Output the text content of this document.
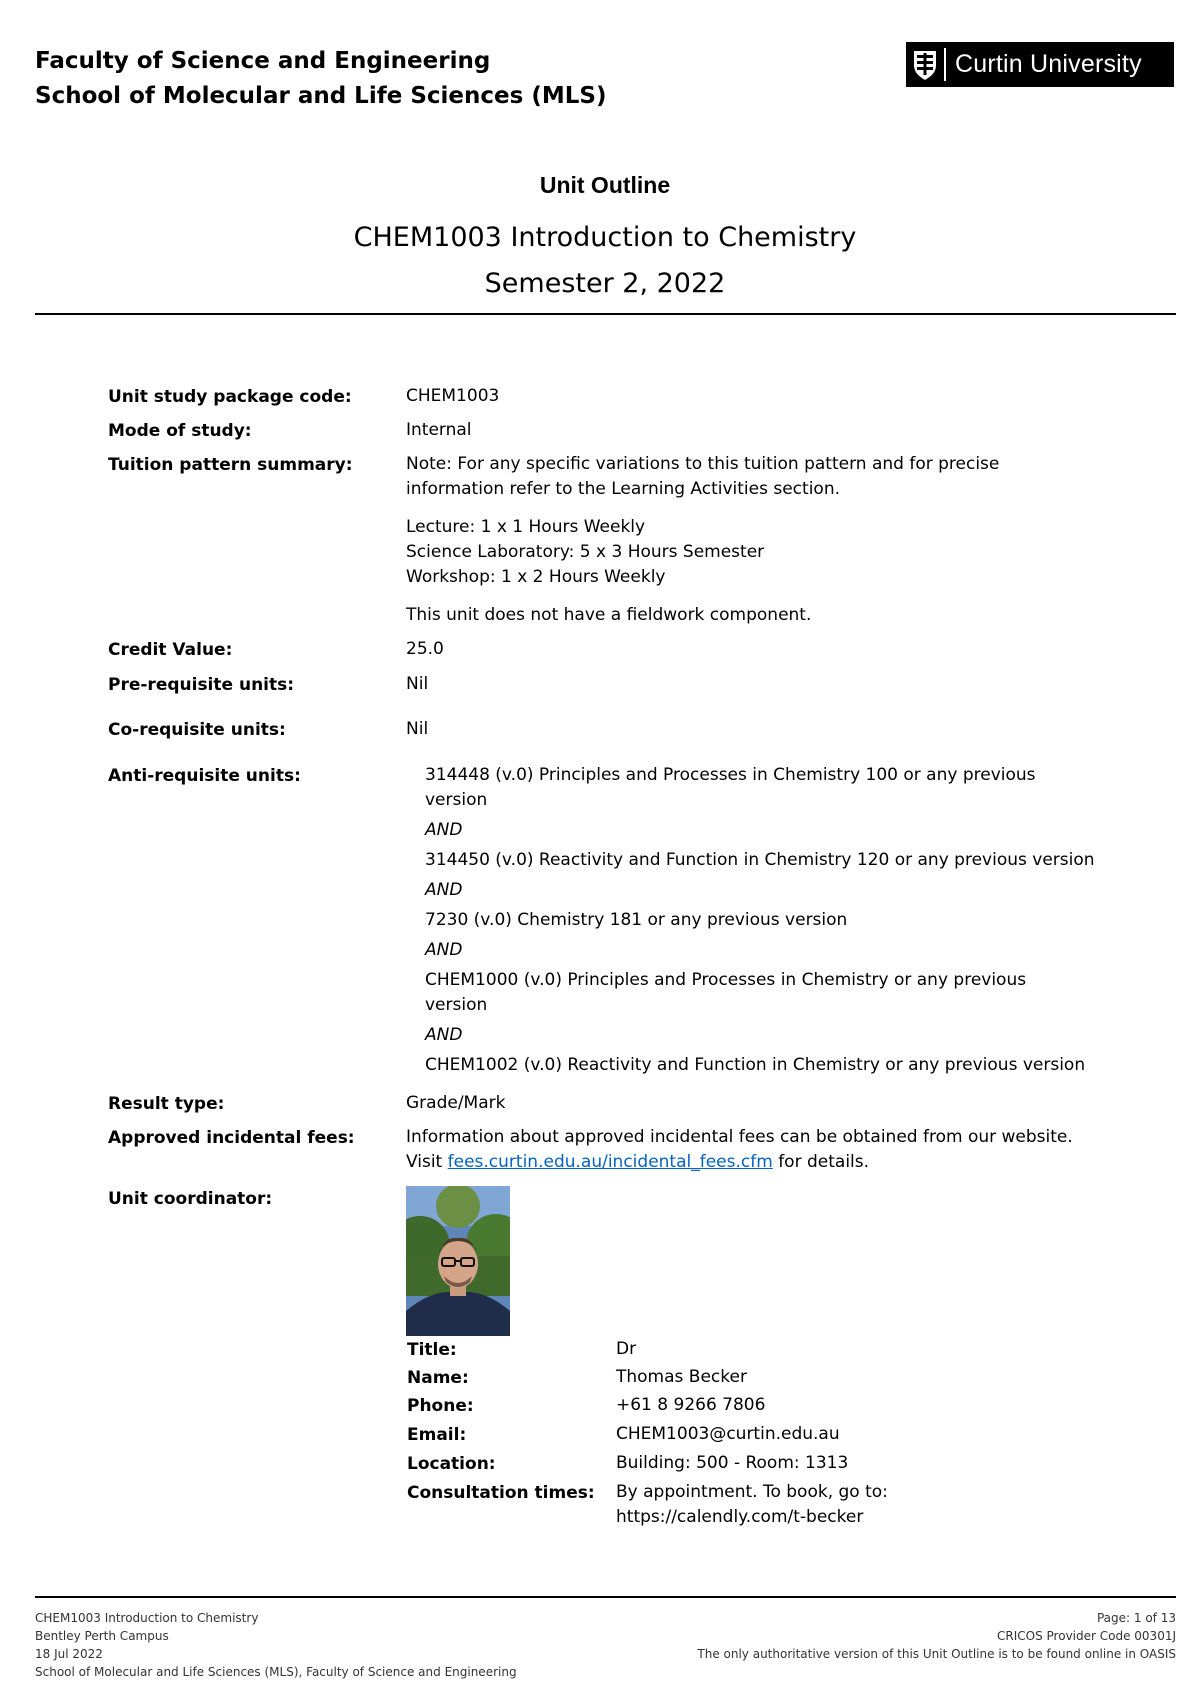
Faculty of Science and Engineering
School of Molecular and Life Sciences (MLS)
Curtin University
Unit Outline
CHEM1003 Introduction to Chemistry
Semester 2, 2022
Unit study package code:	CHEM1003
Mode of study:	Internal
Tuition pattern summary:	Note: For any specific variations to this tuition pattern and for precise
information refer to the Learning Activities section.
Lecture: 1 x 1 Hours Weekly
Science Laboratory: 5 x 3 Hours Semester
Workshop: 1 x 2 Hours Weekly
This unit does not have a fieldwork component.
Credit Value:	25.0
Pre-requisite units:	Nil
Co-requisite units:	Nil
Anti-requisite units:	314448 (v.0) Principles and Processes in Chemistry 100 or any previous
version
AND
314450 (v.0) Reactivity and Function in Chemistry 120 or any previous version
AND
7230 (v.0) Chemistry 181 or any previous version
AND
CHEM1000 (v.0) Principles and Processes in Chemistry or any previous
version
AND
CHEM1002 (v.0) Reactivity and Function in Chemistry or any previous version
Result type:	Grade/Mark
Approved incidental fees:	Information about approved incidental fees can be obtained from our website.
Visit fees.curtin.edu.au/incidental_fees.cfm for details.
Unit coordinator:
Title:	Dr
Name:	Thomas Becker
Phone:	+61 8 9266 7806
Email:	CHEM1003@curtin.edu.au
Location:	Building: 500 - Room: 1313
Consultation times: By appointment. To book, go to:
https://calendly.com/t-becker
CHEM1003 Introduction to Chemistry
Bentley Perth Campus
18 Jul 2022
School of Molecular and Life Sciences (MLS), Faculty of Science and Engineering
Page: 1 of 13
CRICOS Provider Code 00301J
The only authoritative version of this Unit Outline is to be found online in OASIS
